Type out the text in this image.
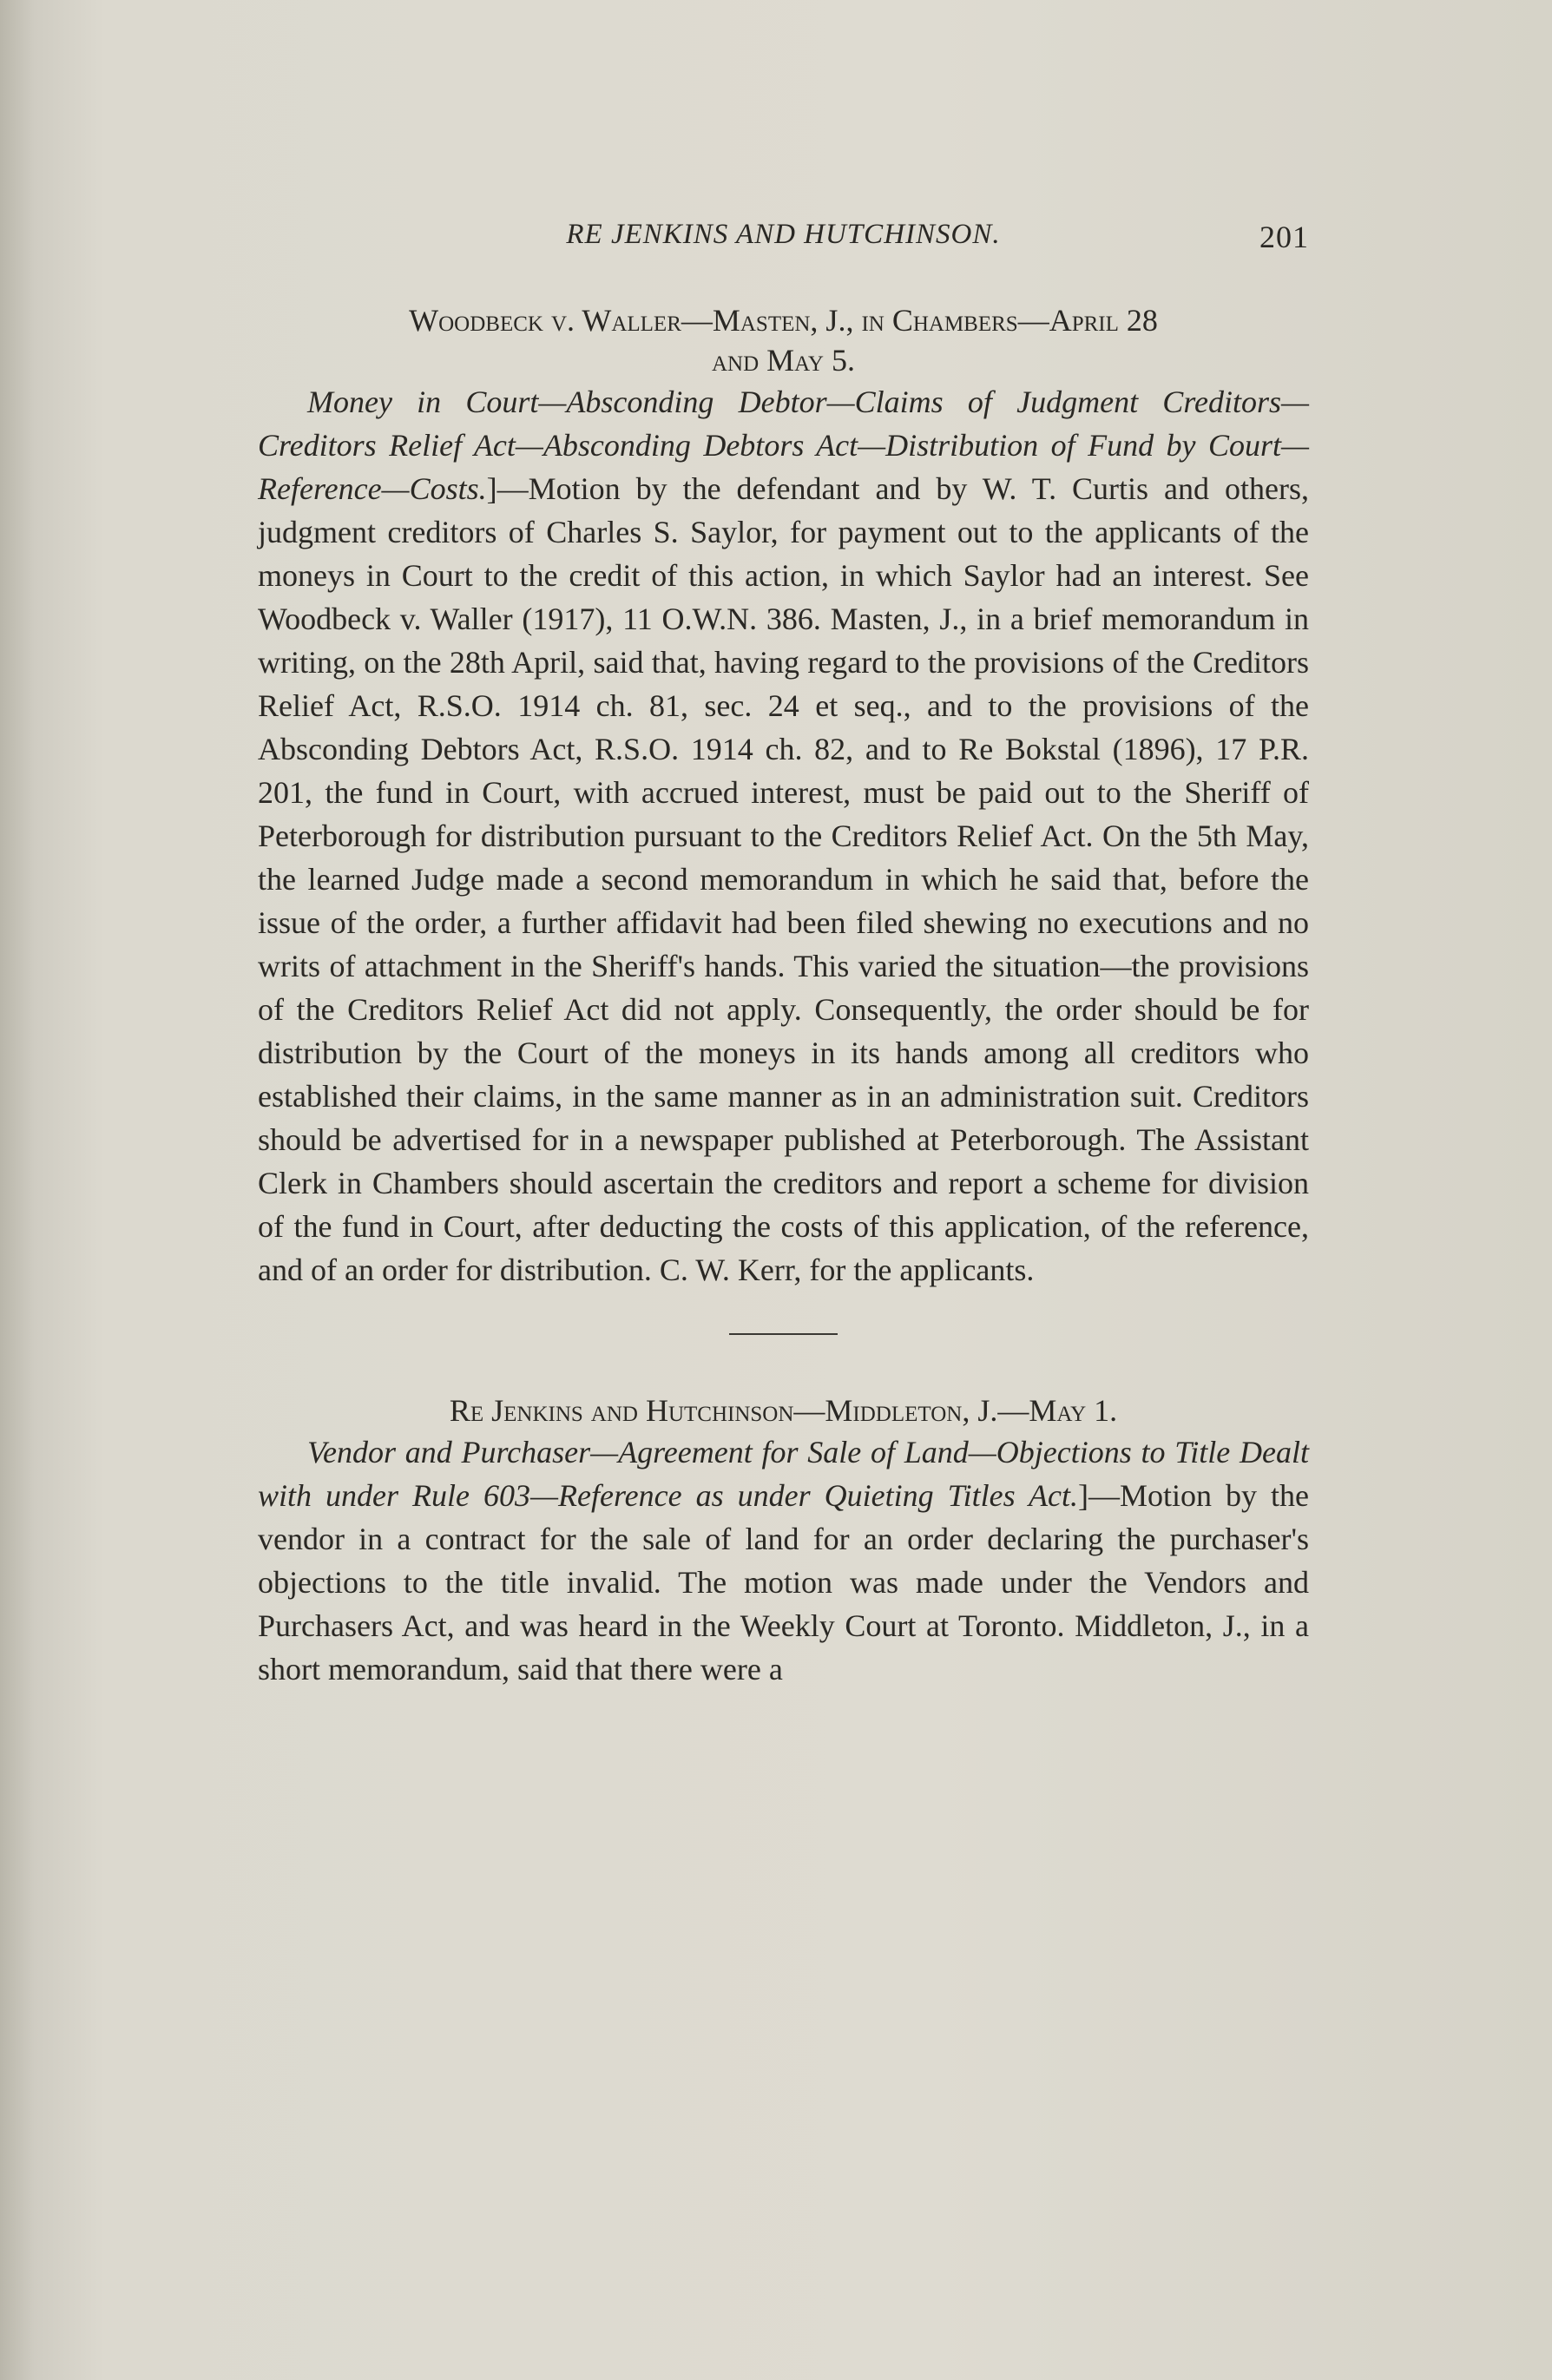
RE JENKINS AND HUTCHINSON.	201
Woodbeck v. Waller—Masten, J., in Chambers—April 28
and May 5.

Money in Court—Absconding Debtor—Claims of Judgment Creditors—Creditors Relief Act—Absconding Debtors Act—Distribution of Fund by Court—Reference—Costs.]—Motion by the defendant and by W. T. Curtis and others, judgment creditors of Charles S. Saylor, for payment out to the applicants of the moneys in Court to the credit of this action, in which Saylor had an interest. See Woodbeck v. Waller (1917), 11 O.W.N. 386. Masten, J., in a brief memorandum in writing, on the 28th April, said that, having regard to the provisions of the Creditors Relief Act, R.S.O. 1914 ch. 81, sec. 24 et seq., and to the provisions of the Absconding Debtors Act, R.S.O. 1914 ch. 82, and to Re Bokstal (1896), 17 P.R. 201, the fund in Court, with accrued interest, must be paid out to the Sheriff of Peterborough for distribution pursuant to the Creditors Relief Act. On the 5th May, the learned Judge made a second memorandum in which he said that, before the issue of the order, a further affidavit had been filed shewing no executions and no writs of attachment in the Sheriff's hands. This varied the situation—the provisions of the Creditors Relief Act did not apply. Consequently, the order should be for distribution by the Court of the moneys in its hands among all creditors who established their claims, in the same manner as in an administration suit. Creditors should be advertised for in a newspaper published at Peterborough. The Assistant Clerk in Chambers should ascertain the creditors and report a scheme for division of the fund in Court, after deducting the costs of this application, of the reference, and of an order for distribution. C. W. Kerr, for the applicants.

Re Jenkins and Hutchinson—Middleton, J.—May 1.

Vendor and Purchaser—Agreement for Sale of Land—Objections to Title Dealt with under Rule 603—Reference as under Quieting Titles Act.]—Motion by the vendor in a contract for the sale of land for an order declaring the purchaser's objections to the title invalid. The motion was made under the Vendors and Purchasers Act, and was heard in the Weekly Court at Toronto. Middleton, J., in a short memorandum, said that there were a
